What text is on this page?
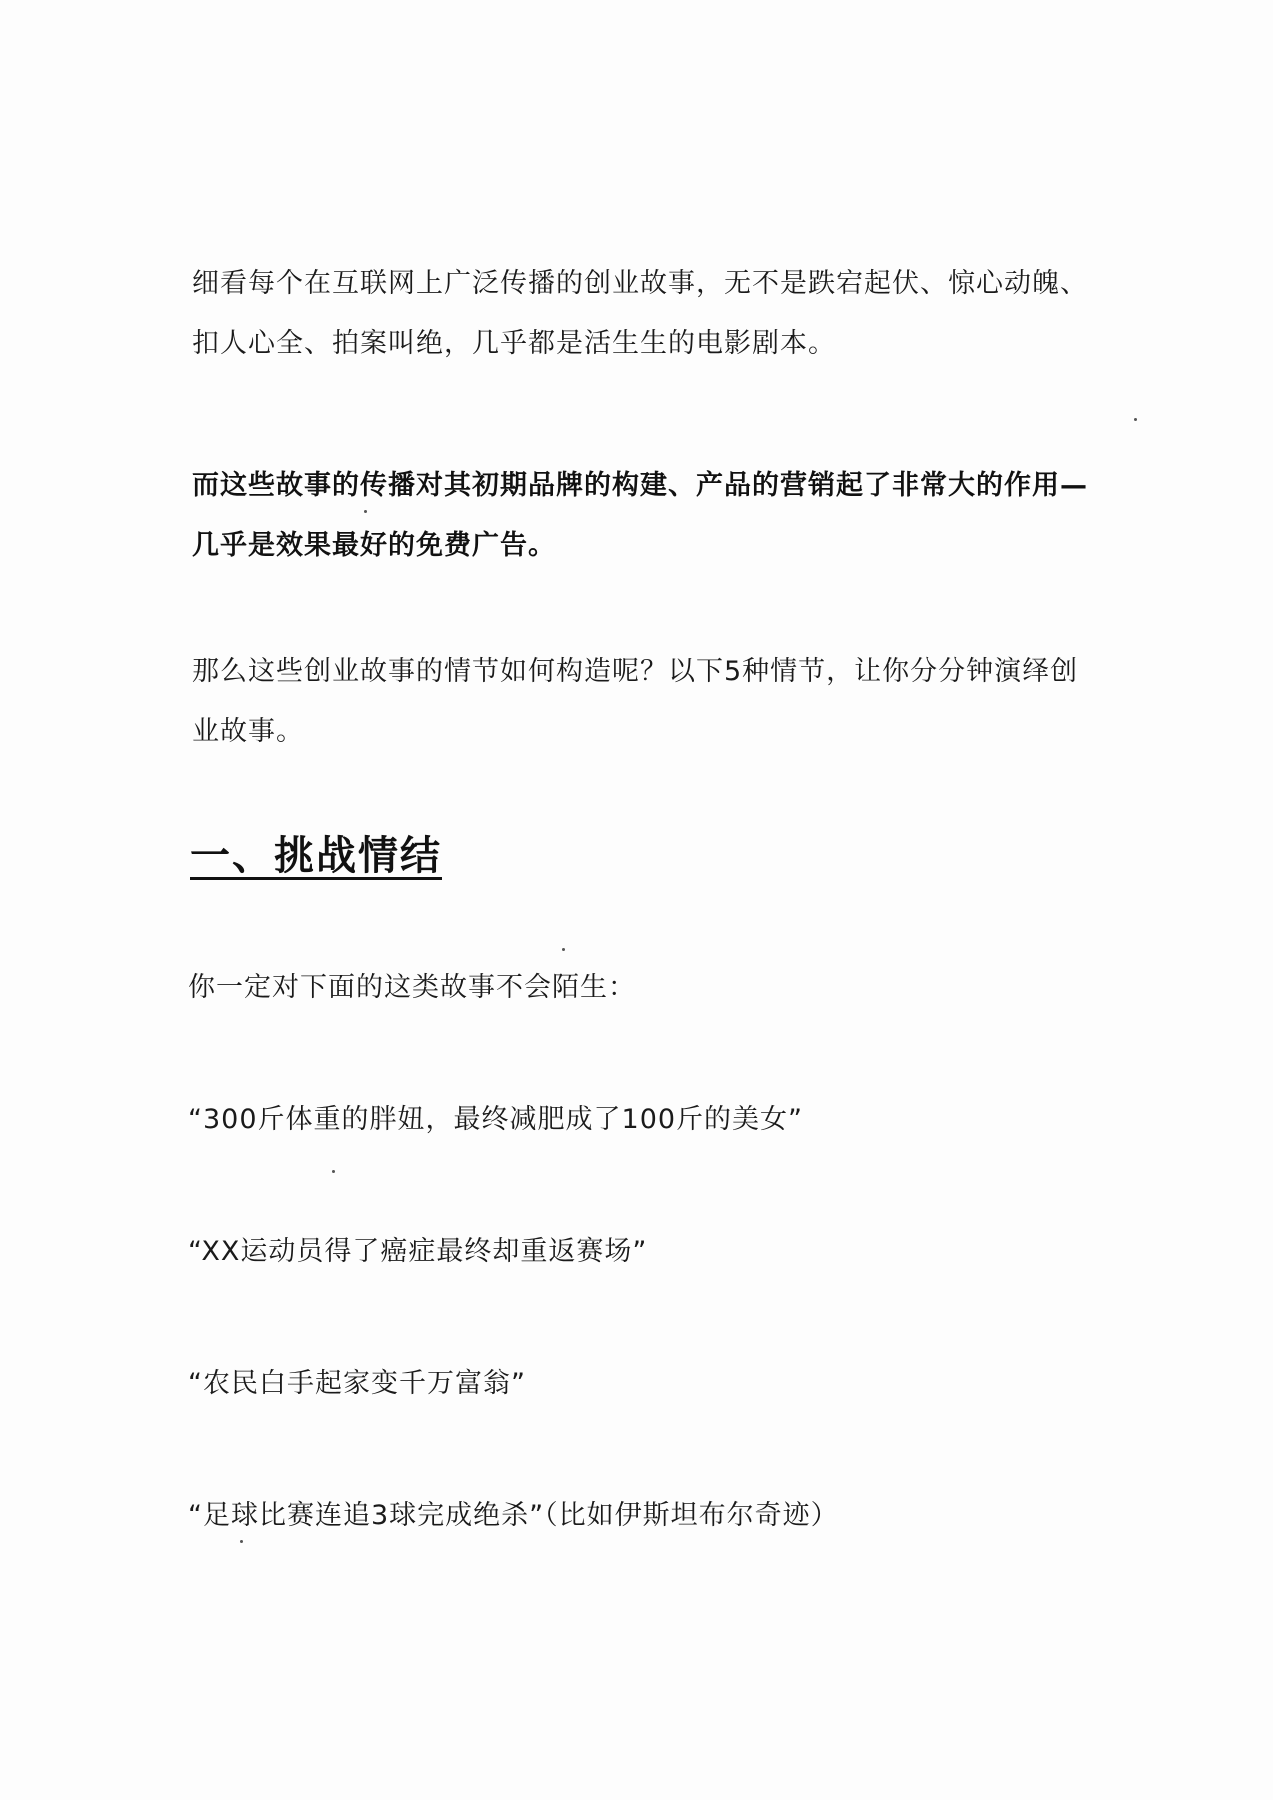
细看每个在互联网上广泛传播的创业故事，无不是跌宕起伏、惊心动魄、扣人心全、拍案叫绝，几乎都是活生生的电影剧本。

而这些故事的传播对其初期品牌的构建、产品的营销起了非常大的作用—几乎是效果最好的免费广告。

那么这些创业故事的情节如何构造呢？以下5种情节，让你分分钟演绎创业故事。

一、挑战情结

你一定对下面的这类故事不会陌生：

“300斤体重的胖妞，最终减肥成了100斤的美女”

“XX运动员得了癌症最终却重返赛场”

“农民白手起家变千万富翁”

“足球比赛连追3球完成绝杀”（比如伊斯坦布尔奇迹）
